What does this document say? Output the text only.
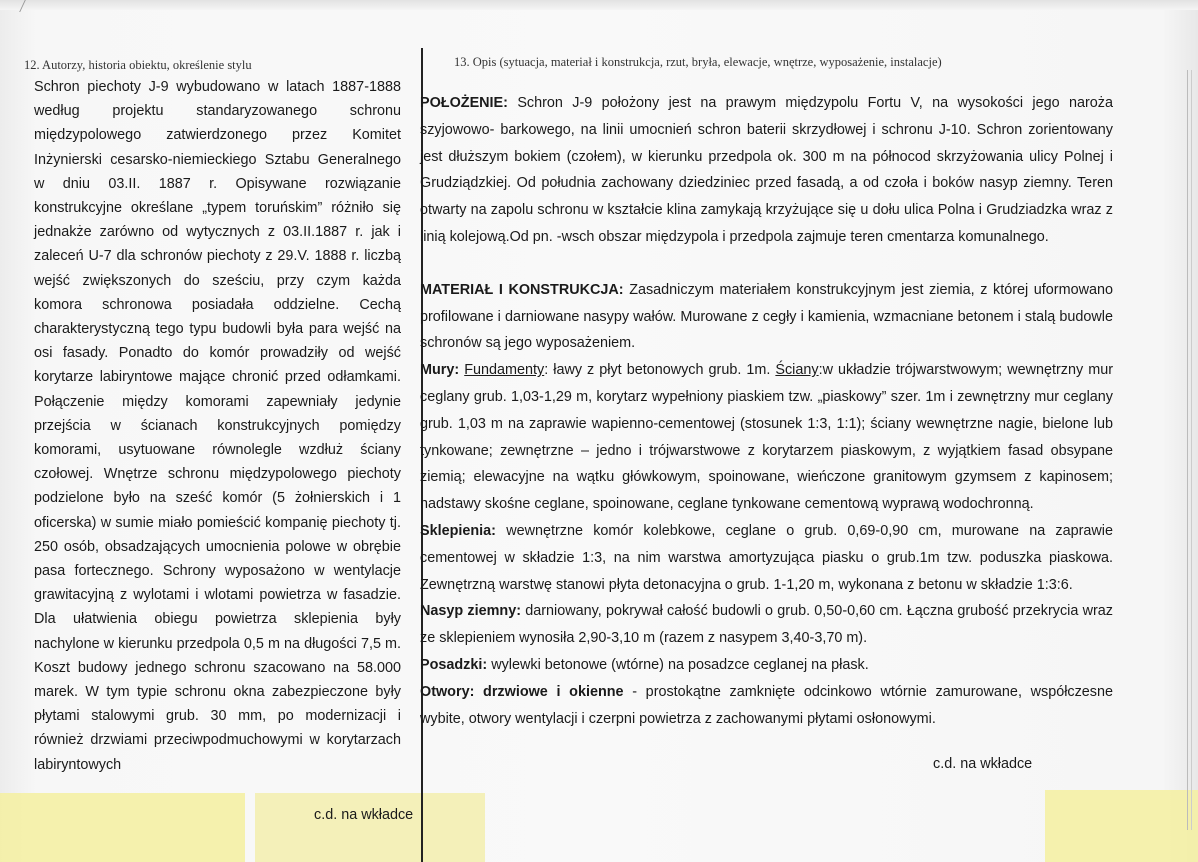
12. Autorzy, historia obiektu, określenie stylu	13. Opis (sytuacja, materiał i konstrukcja, rzut, bryła, elewacje, wnętrze, wyposażenie, instalacje)

Schron piechoty J-9 wybudowano w latach 1887-1888 według projektu standaryzowanego schronu międzypolowego zatwierdzonego przez Komitet Inżynierski cesarsko-niemieckiego Sztabu Generalnego w dniu 03.II. 1887 r. Opisywane rozwiązanie konstrukcyjne określane „typem toruńskim” różniło się jednakże zarówno od wytycznych z 03.II.1887 r. jak i zaleceń U-7 dla schronów piechoty z 29.V. 1888 r. liczbą wejść zwiększonych do sześciu, przy czym każda komora schronowa posiadała oddzielne. Cechą charakterystyczną tego typu budowli była para wejść na osi fasady. Ponadto do komór prowadziły od wejść korytarze labiryntowe mające chronić przed odłamkami. Połączenie między komorami zapewniały jedynie przejścia w ścianach konstrukcyjnych pomiędzy komorami, usytuowane równolegle wzdłuż ściany czołowej. Wnętrze schronu międzypolowego piechoty podzielone było na sześć komór (5 żołnierskich i 1 oficerska) w sumie miało pomieścić kompanię piechoty tj. 250 osób, obsadzających umocnienia polowe w obrębie pasa fortecznego. Schrony wyposażono w wentylacje grawitacyjną z wylotami i wlotami powietrza w fasadzie. Dla ułatwienia obiegu powietrza sklepienia były nachylone w kierunku przedpola 0,5 m na długości 7,5 m. Koszt budowy jednego schronu szacowano na 58.000 marek. W tym typie schronu okna zabezpieczone były płytami stalowymi grub. 30 mm, po modernizacji i również drzwiami przeciwpodmuchowymi w korytarzach labiryntowych

c.d. na wkładce

POŁOŻENIE: Schron J-9 położony jest na prawym międzypolu Fortu V, na wysokości jego naroża szyjowowo- barkowego, na linii umocnień schron baterii skrzydłowej i schronu J-10. Schron zorientowany jest dłuższym bokiem (czołem), w kierunku przedpola ok. 300 m na północod skrzyżowania ulicy Polnej i Grudziądzkiej. Od południa zachowany dziedziniec przed fasadą, a od czoła i boków nasyp ziemny. Teren otwarty na zapolu schronu w kształcie klina zamykają krzyżujące się u dołu ulica Polna i Grudziadzka wraz z linią kolejową.Od pn. -wsch obszar międzypola i przedpola zajmuje teren cmentarza komunalnego.

MATERIAŁ I KONSTRUKCJA: Zasadniczym materiałem konstrukcyjnym jest ziemia, z której uformowano profilowane i darniowane nasypy wałów. Murowane z cegły i kamienia, wzmacniane betonem i stalą budowle schronów są jego wyposażeniem.

Mury: Fundamenty: ławy z płyt betonowych grub. 1m. Ściany:w układzie trójwarstwowym; wewnętrzny mur ceglany grub. 1,03-1,29 m, korytarz wypełniony piaskiem tzw. „piaskowy” szer. 1m i zewnętrzny mur ceglany grub. 1,03 m na zaprawie wapienno-cementowej (stosunek 1:3, 1:1); ściany wewnętrzne nagie, bielone lub tynkowane; zewnętrzne – jedno i trójwarstwowe z korytarzem piaskowym, z wyjątkiem fasad obsypane ziemią; elewacyjne na wątku główkowym, spoinowane, wieńczone granitowym gzymsem z kapinosem; nadstawy skośne ceglane, spoinowane, ceglane tynkowane cementową wyprawą wodochronną.

Sklepienia: wewnętrzne komór kolebkowe, ceglane o grub. 0,69-0,90 cm, murowane na zaprawie cementowej w składzie 1:3, na nim warstwa amortyzująca piasku o grub.1m tzw. poduszka piaskowa. Zewnętrzną warstwę stanowi płyta detonacyjna o grub. 1-1,20 m, wykonana z betonu w składzie 1:3:6.

Nasyp ziemny: darniowany, pokrywał całość budowli o grub. 0,50-0,60 cm. Łączna grubość przekrycia wraz ze sklepieniem wynosiła 2,90-3,10 m (razem z nasypem 3,40-3,70 m).

Posadzki: wylewki betonowe (wtórne) na posadzce ceglanej na płask.

Otwory: drzwiowe i okienne - prostokątne zamknięte odcinkowo wtórnie zamurowane, współczesne wybite, otwory wentylacji i czerpni powietrza z zachowanymi płytami osłonowymi.

c.d. na wkładce
